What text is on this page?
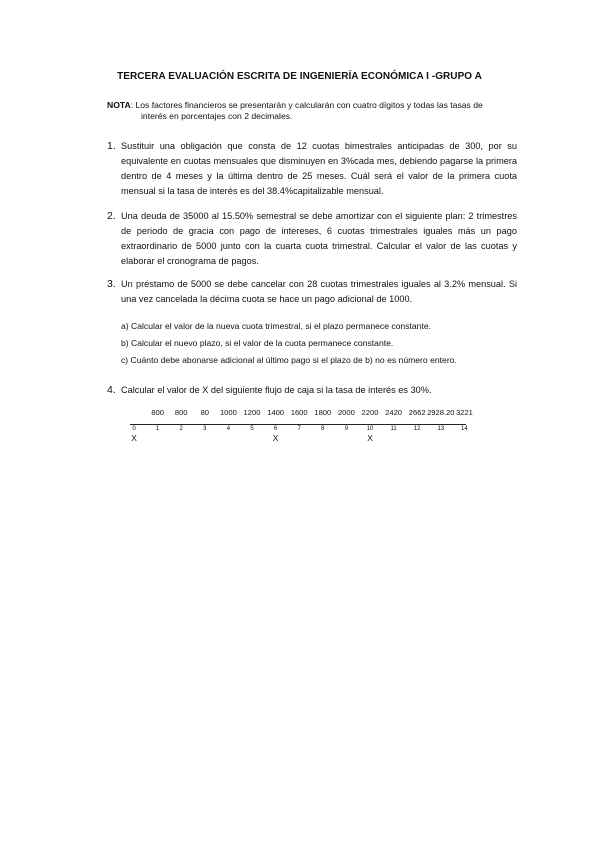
TERCERA EVALUACIÓN ESCRITA DE INGENIERÍA ECONÓMICA I -GRUPO A
NOTA: Los factores financieros se presentarán y calcularán con cuatro dígitos y todas las tasas de
interés en porcentajes con 2 decimales.
1. Sustituir una obligación que consta de 12 cuotas bimestrales anticipadas de 300, por su equivalente en cuotas mensuales que disminuyen en 3%cada mes, debiendo pagarse la primera dentro de 4 meses y la última dentro de 25 meses. Cuál será el valor de la primera cuota mensual si la tasa de interés es del 38.4%capitalizable mensual.
2. Una deuda de 35000 al 15.50% semestral se debe amortizar con el siguiente plan: 2 trimestres de periodo de gracia con pago de intereses, 6 cuotas trimestrales iguales más un pago extraordinario de 5000 junto con la cuarta cuota trimestral. Calcular el valor de las cuotas y elaborar el cronograma de pagos.
3. Un préstamo de 5000 se debe cancelar con 28 cuotas trimestrales iguales al 3.2% mensual. Si una vez cancelada la décima cuota se hace un pago adicional de 1000.
a) Calcular el valor de la nueva cuota trimestral, si el plazo permanece constante.
b) Calcular el nuevo plazo, si el valor de la cuota permanece constante.
c) Cuánto debe abonarse adicional al último pago si el plazo de b) no es número entero.
4. Calcular el valor de X del siguiente flujo de caja si la tasa de interés es 30%.
0	1	2	3	4	5	6	7	8	9	10	11	12	13	14
800 800 80 1000 1200 1400 1600 1800 2000 2200 2420 2662 2928.20 3221
X	X	X
